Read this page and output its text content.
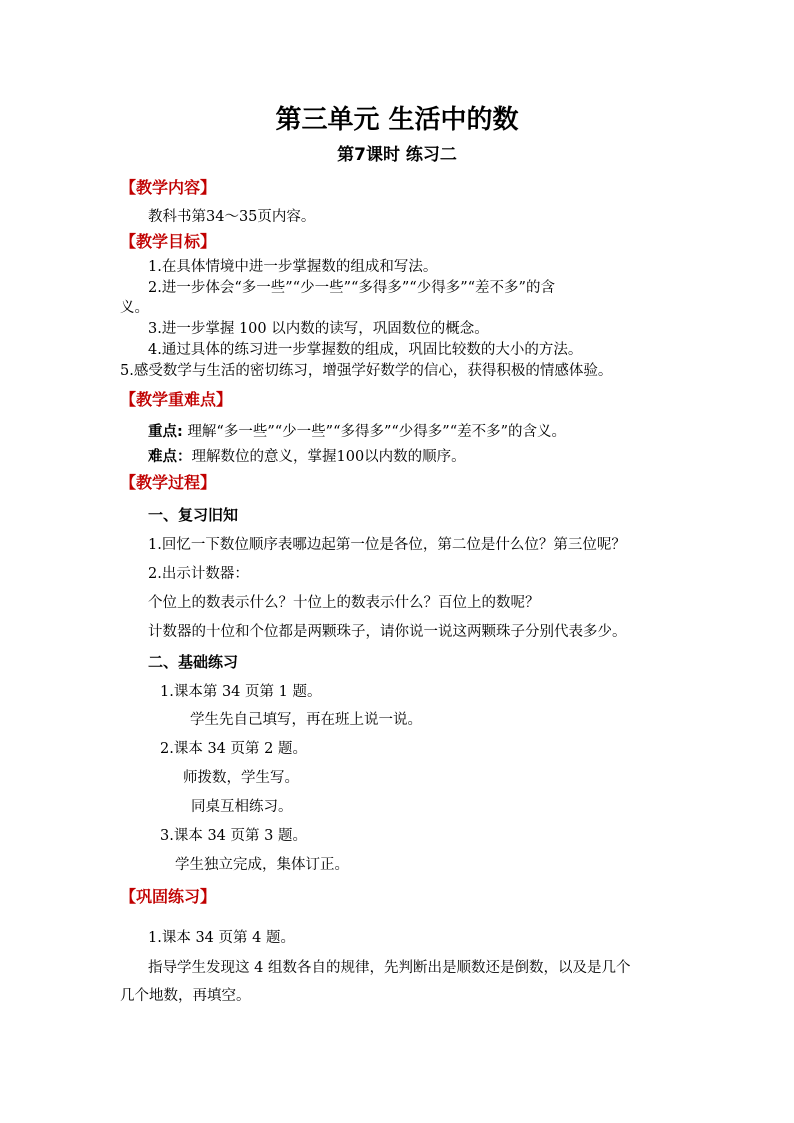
第三单元 生活中的数
第7课时 练习二
【教学内容】
教科书第34～35页内容。
【教学目标】
1.在具体情境中进一步掌握数的组成和写法。
2.进一步体会“多一些”“少一些”“多得多”“少得多”“差不多”的含
义。
3.进一步掌握 100 以内数的读写，巩固数位的概念。
4.通过具体的练习进一步掌握数的组成，巩固比较数的大小的方法。
5.感受数学与生活的密切练习，增强学好数学的信心，获得积极的情感体验。
【教学重难点】
重点: 理解“多一些”“少一些”“多得多”“少得多”“差不多”的含义。
难点：理解数位的意义，掌握100以内数的顺序。
【教学过程】
一、复习旧知
1.回忆一下数位顺序表哪边起第一位是各位，第二位是什么位？第三位呢？
2.出示计数器：
个位上的数表示什么？十位上的数表示什么？百位上的数呢？
计数器的十位和个位都是两颗珠子，请你说一说这两颗珠子分别代表多少。
二、基础练习
1.课本第 34 页第 1 题。
学生先自己填写，再在班上说一说。
2.课本 34 页第 2 题。
师拨数，学生写。
同桌互相练习。
3.课本 34 页第 3 题。
学生独立完成，集体订正。
【巩固练习】
1.课本 34 页第 4 题。
指导学生发现这 4 组数各自的规律，先判断出是顺数还是倒数，以及是几个
几个地数，再填空。
